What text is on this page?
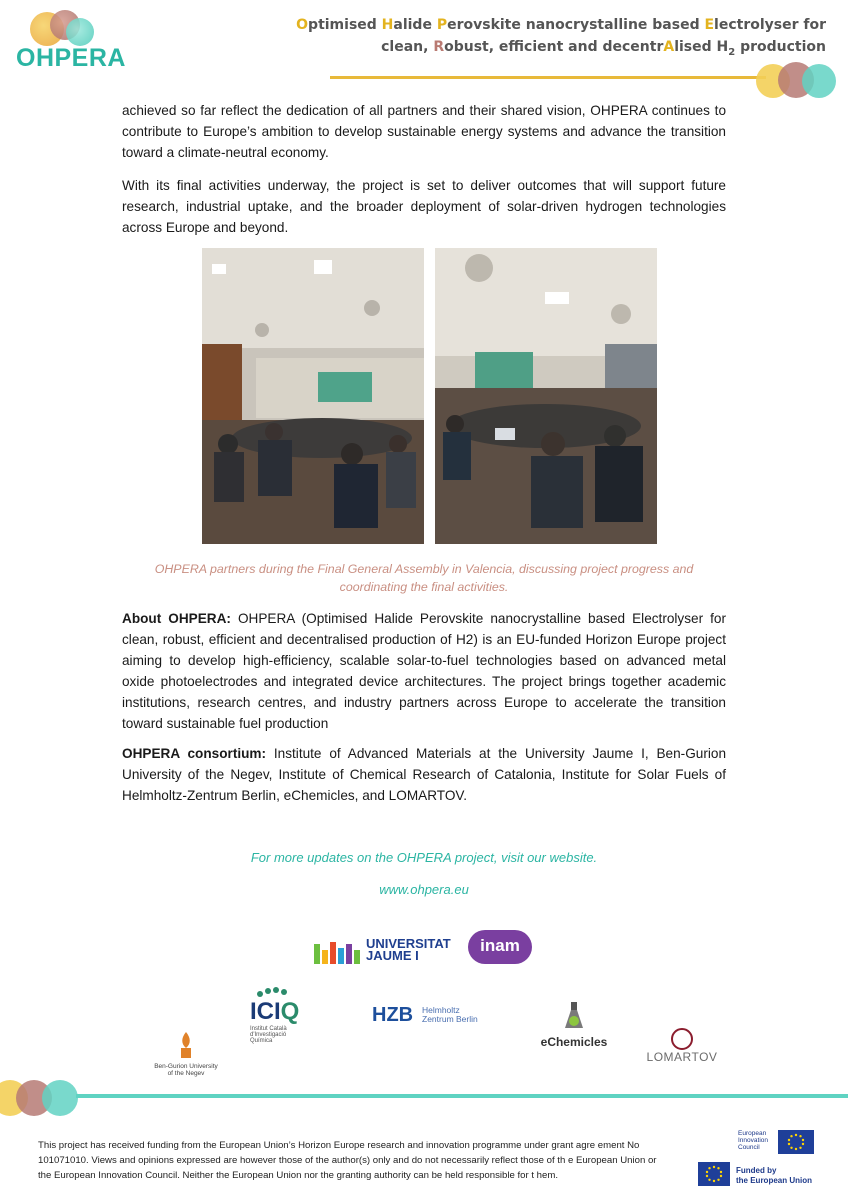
OHPERA
Optimised Halide Perovskite nanocrystalline based Electrolyser for
clean, Robust, efficient and decentrAlised $H_2$ production

achieved so far reflect the dedication of all partners and their shared vision, OHPERA continues to contribute to Europe’s ambition to develop sustainable energy systems and advance the transition toward a climate-neutral economy.

With its final activities underway, the project is set to deliver outcomes that will support future research, industrial uptake, and the broader deployment of solar-driven hydrogen technologies across Europe and beyond.

OHPERA partners during the Final General Assembly in Valencia, discussing project progress and coordinating the final activities.

About OHPERA: OHPERA (Optimised Halide Perovskite nanocrystalline based Electrolyser for clean, robust, efficient and decentralised production of H2) is an EU-funded Horizon Europe project aiming to develop high-efficiency, scalable solar-to-fuel technologies based on advanced metal oxide photoelectrodes and integrated device architectures. The project brings together academic institutions, research centres, and industry partners across Europe to accelerate the transition toward sustainable fuel production

OHPERA consortium: Institute of Advanced Materials at the University Jaume I, Ben-Gurion University of the Negev, Institute of Chemical Research of Catalonia, Institute for Solar Fuels of Helmholtz-Zentrum Berlin, eChemicles, and LOMARTOV.

For more updates on the OHPERA project, visit our website.

www.ohpera.eu

UNIVERSITAT
JAUME I
inam
ICIQ
Institut Català d'Investigació Química
HZB Helmholtz
Zentrum Berlin
eChemicles
Ben-Gurion University
of the Negev
LOMARTOV

This project has received funding from the European Union’s Horizon Europe research and innovation programme under grant agre ement No 101071010. Views and opinions expressed are however those of the author(s) only and do not necessarily reflect those of th e European Union or the European Innovation Council. Neither the European Union nor the granting authority can be held responsible for t hem.

European
Innovation
Council
Funded by
the European Union
